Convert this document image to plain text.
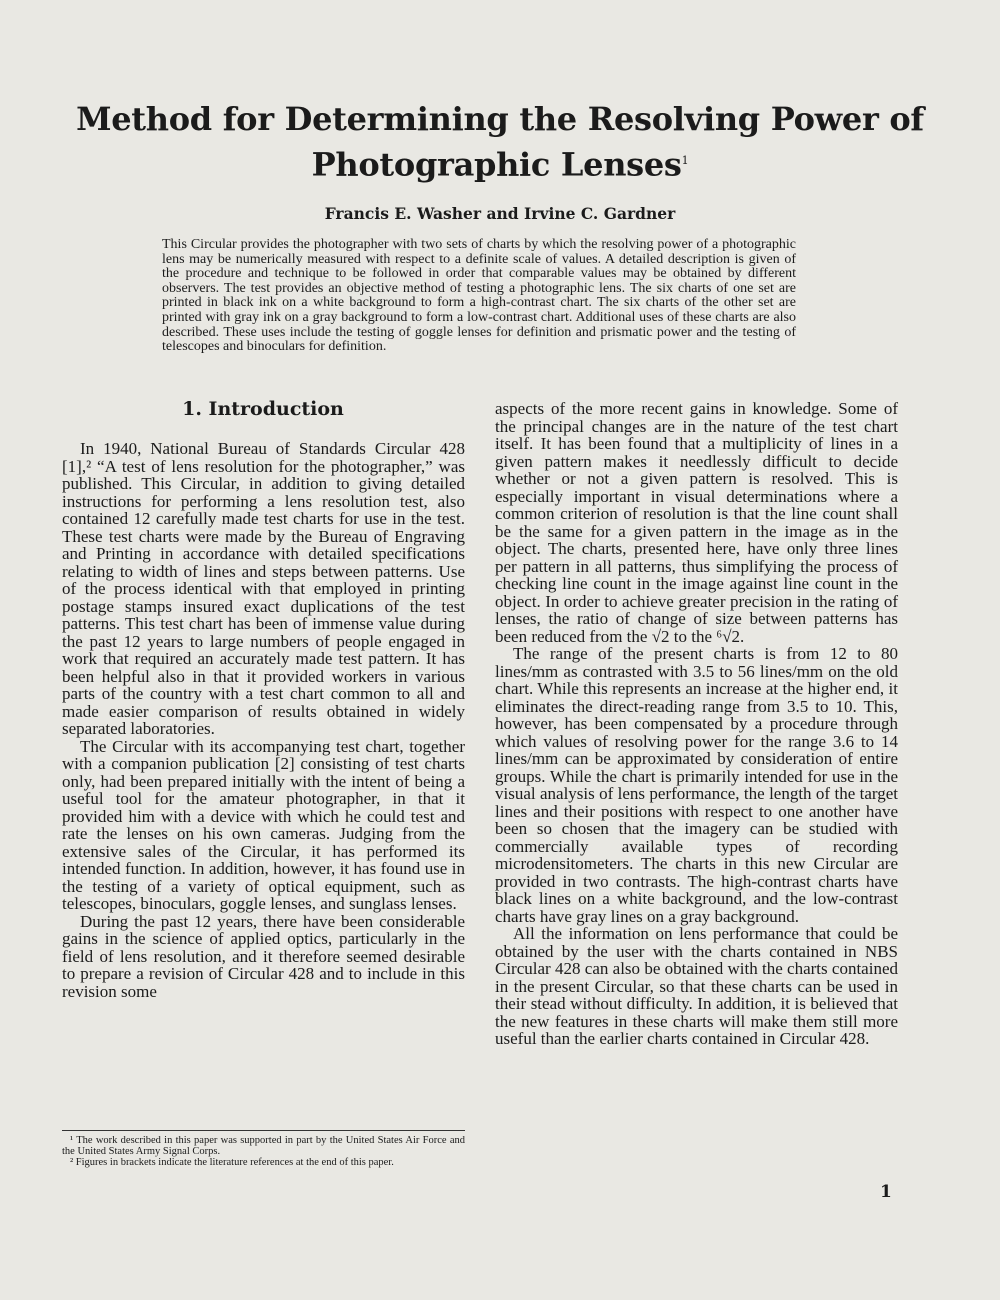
Method for Determining the Resolving Power of Photographic Lenses$^1$
Francis E. Washer and Irvine C. Gardner
This Circular provides the photographer with two sets of charts by which the resolving power of a photographic lens may be numerically measured with respect to a definite scale of values. A detailed description is given of the procedure and technique to be followed in order that comparable values may be obtained by different observers. The test provides an objective method of testing a photographic lens. The six charts of one set are printed in black ink on a white background to form a high-contrast chart. The six charts of the other set are printed with gray ink on a gray background to form a low-contrast chart. Additional uses of these charts are also described. These uses include the testing of goggle lenses for definition and prismatic power and the testing of telescopes and binoculars for definition.
1. Introduction

In 1940, National Bureau of Standards Circular 428 [1],² “A test of lens resolution for the photographer,” was published. This Circular, in addition to giving detailed instructions for performing a lens resolution test, also contained 12 carefully made test charts for use in the test. These test charts were made by the Bureau of Engraving and Printing in accordance with detailed specifications relating to width of lines and steps between patterns. Use of the process identical with that employed in printing postage stamps insured exact duplications of the test patterns. This test chart has been of immense value during the past 12 years to large numbers of people engaged in work that required an accurately made test pattern. It has been helpful also in that it provided workers in various parts of the country with a test chart common to all and made easier comparison of results obtained in widely separated laboratories.

The Circular with its accompanying test chart, together with a companion publication [2] consisting of test charts only, had been prepared initially with the intent of being a useful tool for the amateur photographer, in that it provided him with a device with which he could test and rate the lenses on his own cameras. Judging from the extensive sales of the Circular, it has performed its intended function. In addition, however, it has found use in the testing of a variety of optical equipment, such as telescopes, binoculars, goggle lenses, and sunglass lenses.

During the past 12 years, there have been considerable gains in the science of applied optics, particularly in the field of lens resolution, and it therefore seemed desirable to prepare a revision of Circular 428 and to include in this revision some

aspects of the more recent gains in knowledge. Some of the principal changes are in the nature of the test chart itself. It has been found that a multiplicity of lines in a given pattern makes it needlessly difficult to decide whether or not a given pattern is resolved. This is especially important in visual determinations where a common criterion of resolution is that the line count shall be the same for a given pattern in the image as in the object. The charts, presented here, have only three lines per pattern in all patterns, thus simplifying the process of checking line count in the image against line count in the object. In order to achieve greater precision in the rating of lenses, the ratio of change of size between patterns has been reduced from the √2 to the ⁶√2.

The range of the present charts is from 12 to 80 lines/mm as contrasted with 3.5 to 56 lines/mm on the old chart. While this represents an increase at the higher end, it eliminates the direct-reading range from 3.5 to 10. This, however, has been compensated by a procedure through which values of resolving power for the range 3.6 to 14 lines/mm can be approximated by consideration of entire groups. While the chart is primarily intended for use in the visual analysis of lens performance, the length of the target lines and their positions with respect to one another have been so chosen that the imagery can be studied with commercially available types of recording microdensitometers. The charts in this new Circular are provided in two contrasts. The high-contrast charts have black lines on a white background, and the low-contrast charts have gray lines on a gray background.

All the information on lens performance that could be obtained by the user with the charts contained in NBS Circular 428 can also be obtained with the charts contained in the present Circular, so that these charts can be used in their stead without difficulty. In addition, it is believed that the new features in these charts will make them still more useful than the earlier charts contained in Circular 428.

¹ The work described in this paper was supported in part by the United States Air Force and the United States Army Signal Corps.

² Figures in brackets indicate the literature references at the end of this paper.

1
